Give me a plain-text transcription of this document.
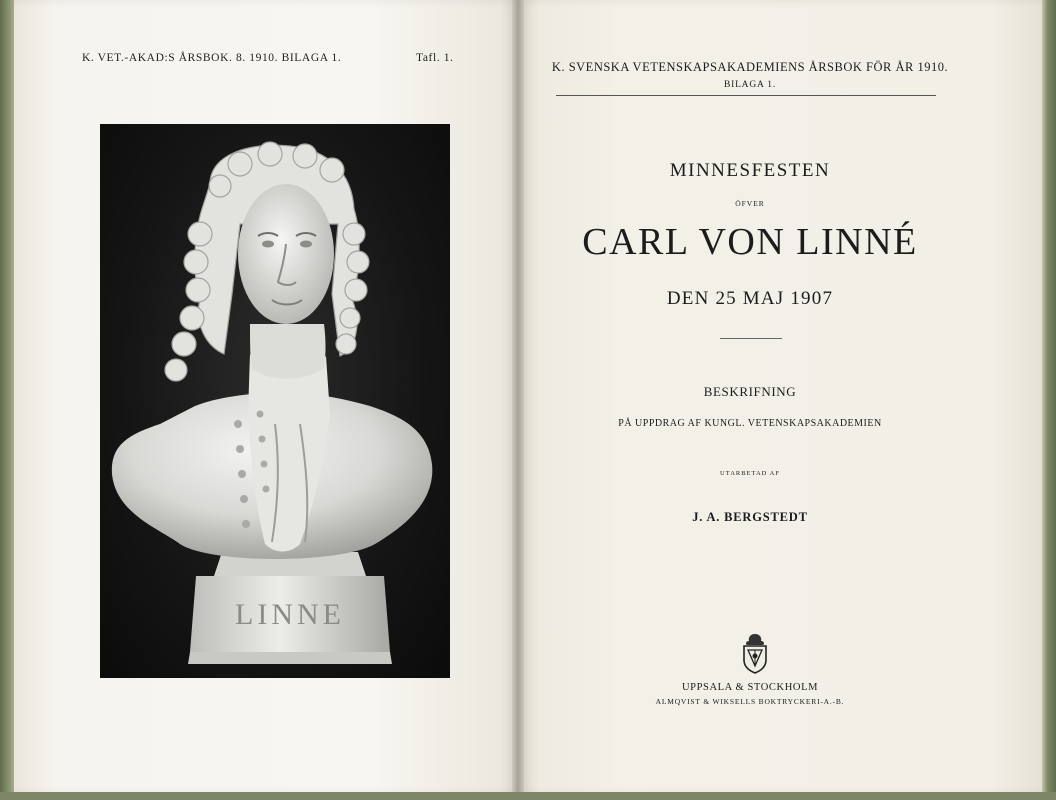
K. VET.-AKAD:S ÅRSBOK. 8. 1910. BILAGA 1.	Tafl. 1.
LINNE
K. SVENSKA VETENSKAPSAKADEMIENS ÅRSBOK FÖR ÅR 1910.
BILAGA 1.
MINNESFESTEN
ÖFVER
CARL VON LINNÉ
DEN 25 MAJ 1907
BESKRIFNING
PÅ UPPDRAG AF KUNGL. VETENSKAPSAKADEMIEN
UTARBETAD AF
J. A. BERGSTEDT
UPPSALA & STOCKHOLM
ALMQVIST & WIKSELLS BOKTRYCKERI-A.-B.
